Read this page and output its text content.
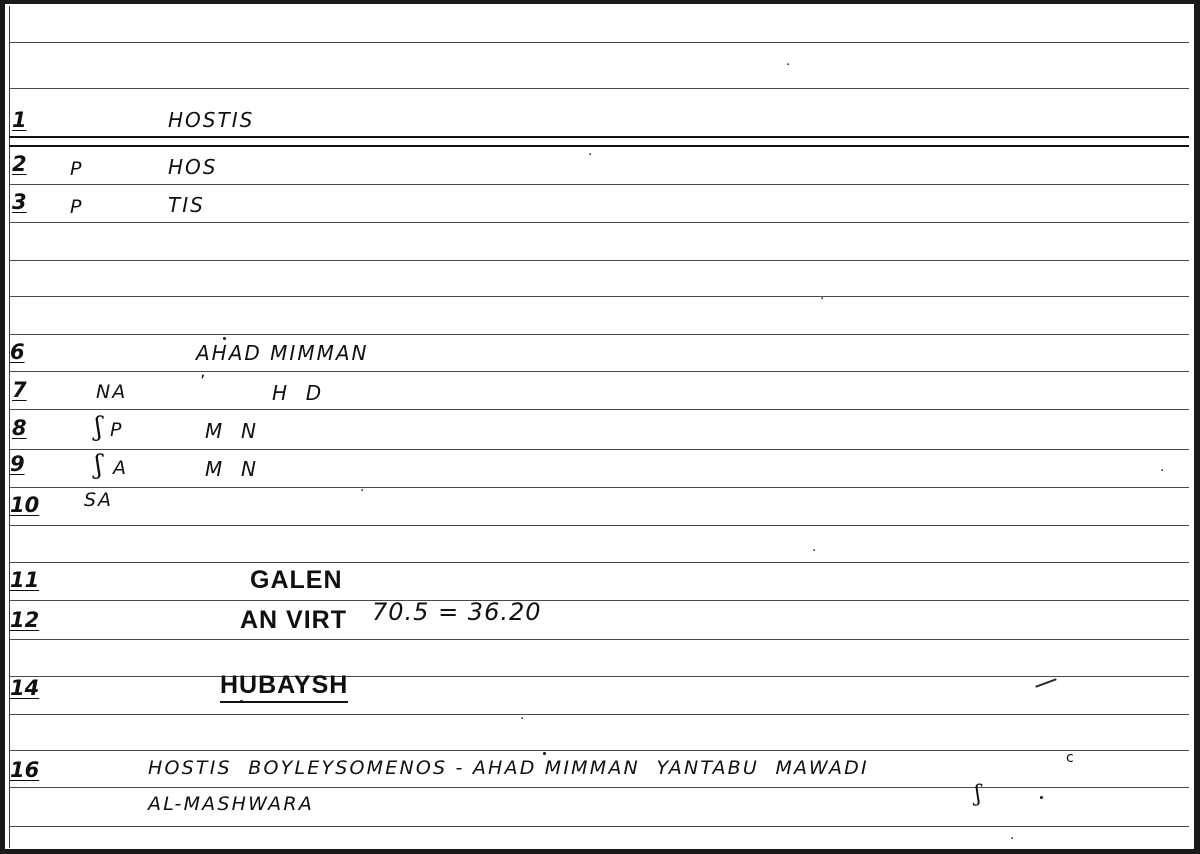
1	HOSTIS
2 P	HOS
3 P	TIS
6	AHAD MIMMAN
7	NA	ʼ	H  D
8	ʃ P	M  N
9	ʃ A	M  N
10 SA
11	GALEN
12	AN VIRT 70.5 = 36.20
14	HUBAYSH
16	HOSTIS  BOYLEYSOMENOS - AHAD MIMMAN  YANTABU  MAWADI	c
AL-MASHWARA	ʃ
.
.
.
.
.
.
.
.
